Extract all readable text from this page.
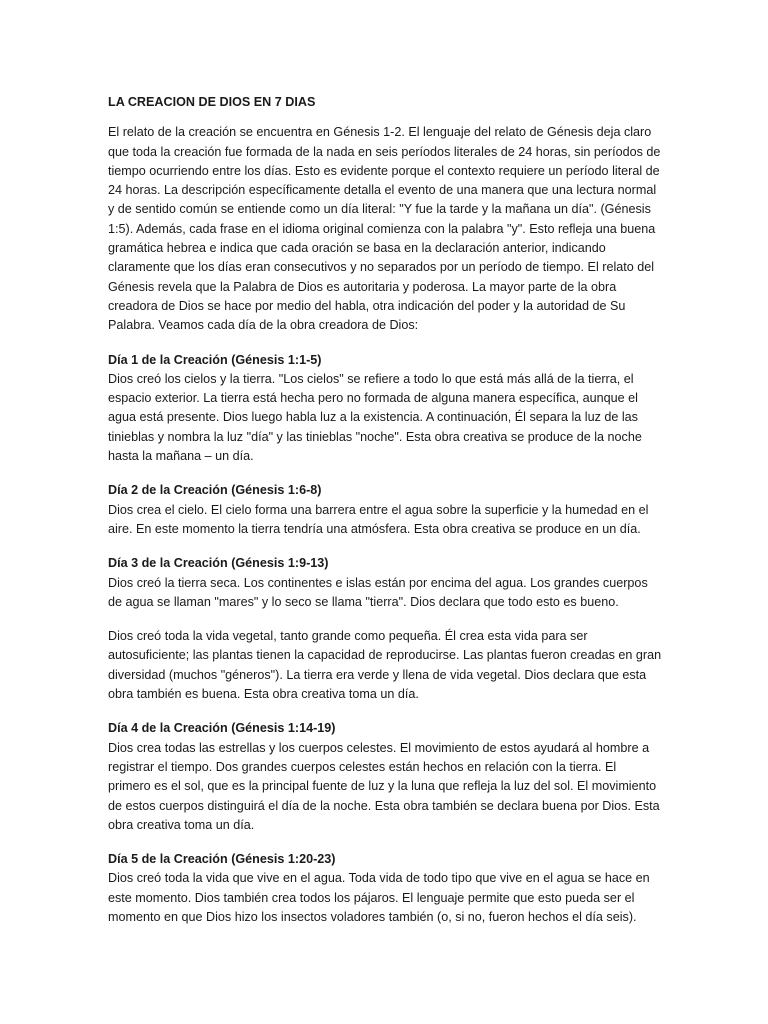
LA CREACION DE DIOS EN 7 DIAS

El relato de la creación se encuentra en Génesis 1-2. El lenguaje del relato de Génesis deja claro que toda la creación fue formada de la nada en seis períodos literales de 24 horas, sin períodos de tiempo ocurriendo entre los días. Esto es evidente porque el contexto requiere un período literal de 24 horas. La descripción específicamente detalla el evento de una manera que una lectura normal y de sentido común se entiende como un día literal: "Y fue la tarde y la mañana un día". (Génesis 1:5). Además, cada frase en el idioma original comienza con la palabra "y". Esto refleja una buena gramática hebrea e indica que cada oración se basa en la declaración anterior, indicando claramente que los días eran consecutivos y no separados por un período de tiempo. El relato del Génesis revela que la Palabra de Dios es autoritaria y poderosa. La mayor parte de la obra creadora de Dios se hace por medio del habla, otra indicación del poder y la autoridad de Su Palabra. Veamos cada día de la obra creadora de Dios:

Día 1 de la Creación (Génesis 1:1-5)
Dios creó los cielos y la tierra. "Los cielos" se refiere a todo lo que está más allá de la tierra, el espacio exterior. La tierra está hecha pero no formada de alguna manera específica, aunque el agua está presente. Dios luego habla luz a la existencia. A continuación, Él separa la luz de las tinieblas y nombra la luz "día" y las tinieblas "noche". Esta obra creativa se produce de la noche hasta la mañana – un día.
Día 2 de la Creación (Génesis 1:6-8)
Dios crea el cielo. El cielo forma una barrera entre el agua sobre la superficie y la humedad en el aire. En este momento la tierra tendría una atmósfera. Esta obra creativa se produce en un día.
Día 3 de la Creación (Génesis 1:9-13)
Dios creó la tierra seca. Los continentes e islas están por encima del agua. Los grandes cuerpos de agua se llaman "mares" y lo seco se llama "tierra". Dios declara que todo esto es bueno.

Dios creó toda la vida vegetal, tanto grande como pequeña. Él crea esta vida para ser autosuficiente; las plantas tienen la capacidad de reproducirse. Las plantas fueron creadas en gran diversidad (muchos "géneros"). La tierra era verde y llena de vida vegetal. Dios declara que esta obra también es buena. Esta obra creativa toma un día.

Día 4 de la Creación (Génesis 1:14-19)
Dios crea todas las estrellas y los cuerpos celestes. El movimiento de estos ayudará al hombre a registrar el tiempo. Dos grandes cuerpos celestes están hechos en relación con la tierra. El primero es el sol, que es la principal fuente de luz y la luna que refleja la luz del sol. El movimiento de estos cuerpos distinguirá el día de la noche. Esta obra también se declara buena por Dios. Esta obra creativa toma un día.
Día 5 de la Creación (Génesis 1:20-23)
Dios creó toda la vida que vive en el agua. Toda vida de todo tipo que vive en el agua se hace en este momento. Dios también crea todos los pájaros. El lenguaje permite que esto pueda ser el momento en que Dios hizo los insectos voladores también (o, si no, fueron hechos el día seis).
